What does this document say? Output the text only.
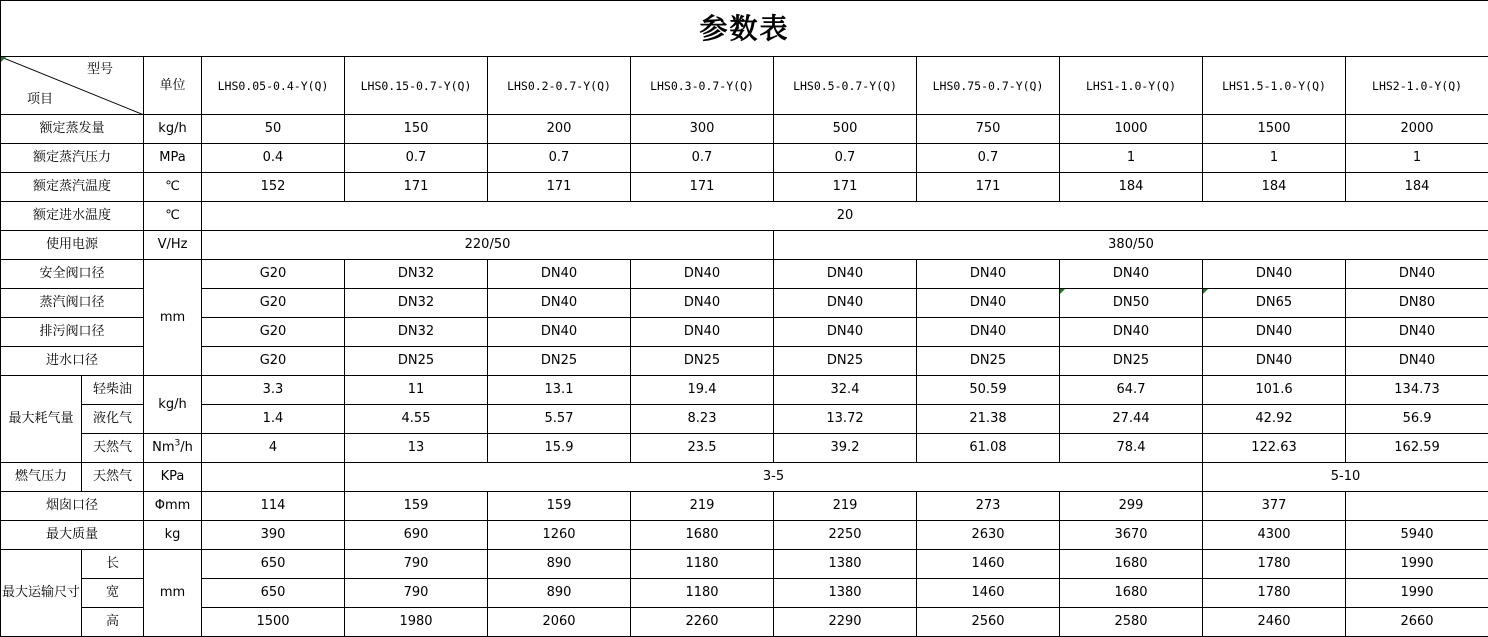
参数表											

型号
项目		单位	LHS0.05-0.4-Y(Q)	LHS0.15-0.7-Y(Q)	LHS0.2-0.7-Y(Q)	LHS0.3-0.7-Y(Q)	LHS0.5-0.7-Y(Q)	LHS0.75-0.7-Y(Q)	LHS1-1.0-Y(Q)	LHS1.5-1.0-Y(Q)	LHS2-1.0-Y(Q)
额定蒸发量		kg/h	50	150	200	300	500	750	1000	1500	2000
额定蒸汽压力		MPa	0.4	0.7	0.7	0.7	0.7	0.7	1	1	1
额定蒸汽温度		℃	152	171	171	171	171	171	184	184	184
额定进水温度		℃	20								
使用电源		V/Hz	220/50				380/50				
安全阀口径		mm	G20	DN32	DN40	DN40	DN40	DN40	DN40	DN40	DN40
蒸汽阀口径			G20	DN32	DN40	DN40	DN40	DN40	DN50	DN65	DN80
排污阀口径			G20	DN32	DN40	DN40	DN40	DN40	DN40	DN40	DN40
进水口径			G20	DN25	DN25	DN25	DN25	DN25	DN25	DN40	DN40
最大耗气量	轻柴油	kg/h	3.3	11	13.1	19.4	32.4	50.59	64.7	101.6	134.73
	液化气		1.4	4.55	5.57	8.23	13.72	21.38	27.44	42.92	56.9
	天然气	Nm$^3$/h	4	13	15.9	23.5	39.2	61.08	78.4	122.63	162.59
燃气压力	天然气	KPa		3-5						5-10	
烟囱口径		Φmm	114	159	159	219	219	273	299	377	
最大质量		kg	390	690	1260	1680	2250	2630	3670	4300	5940
最大运输尺寸	长	mm	650	790	890	1180	1380	1460	1680	1780	1990
	宽		650	790	890	1180	1380	1460	1680	1780	1990
	高		1500	1980	2060	2260	2290	2560	2580	2460	2660
